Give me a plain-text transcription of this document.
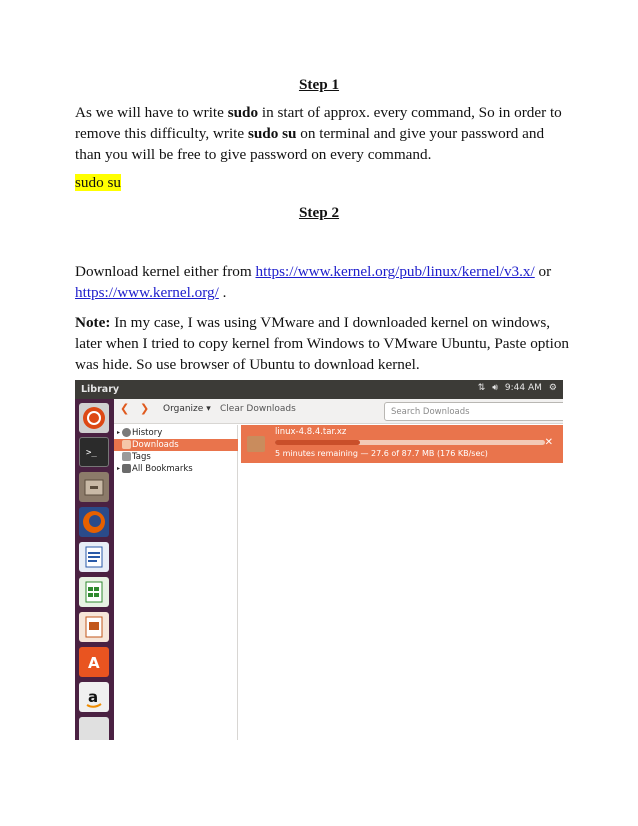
Step 1
As we will have to write sudo in start of approx. every command, So in order to remove this difficulty, write sudo su on terminal and give your password and than you will be free to give password on every command.
sudo su
Step 2
Download kernel either from https://www.kernel.org/pub/linux/kernel/v3.x/ or
https://www.kernel.org/ .
Note: In my case, I was using VMware and I downloaded kernel on windows, later when I tried to copy kernel from Windows to VMware Ubuntu, Paste option was hide. So use browser of Ubuntu to download kernel.
Library	⇅ 🔊︎ 9:44 AM ⚙
>_
A
a
❮ ❯ Organize ▾ Clear Downloads	Search Downloads
▸ History
Downloads
Tags
▸ All Bookmarks
linux-4.8.4.tar.xz
5 minutes remaining — 27.6 of 87.7 MB (176 KB/sec)
✕
